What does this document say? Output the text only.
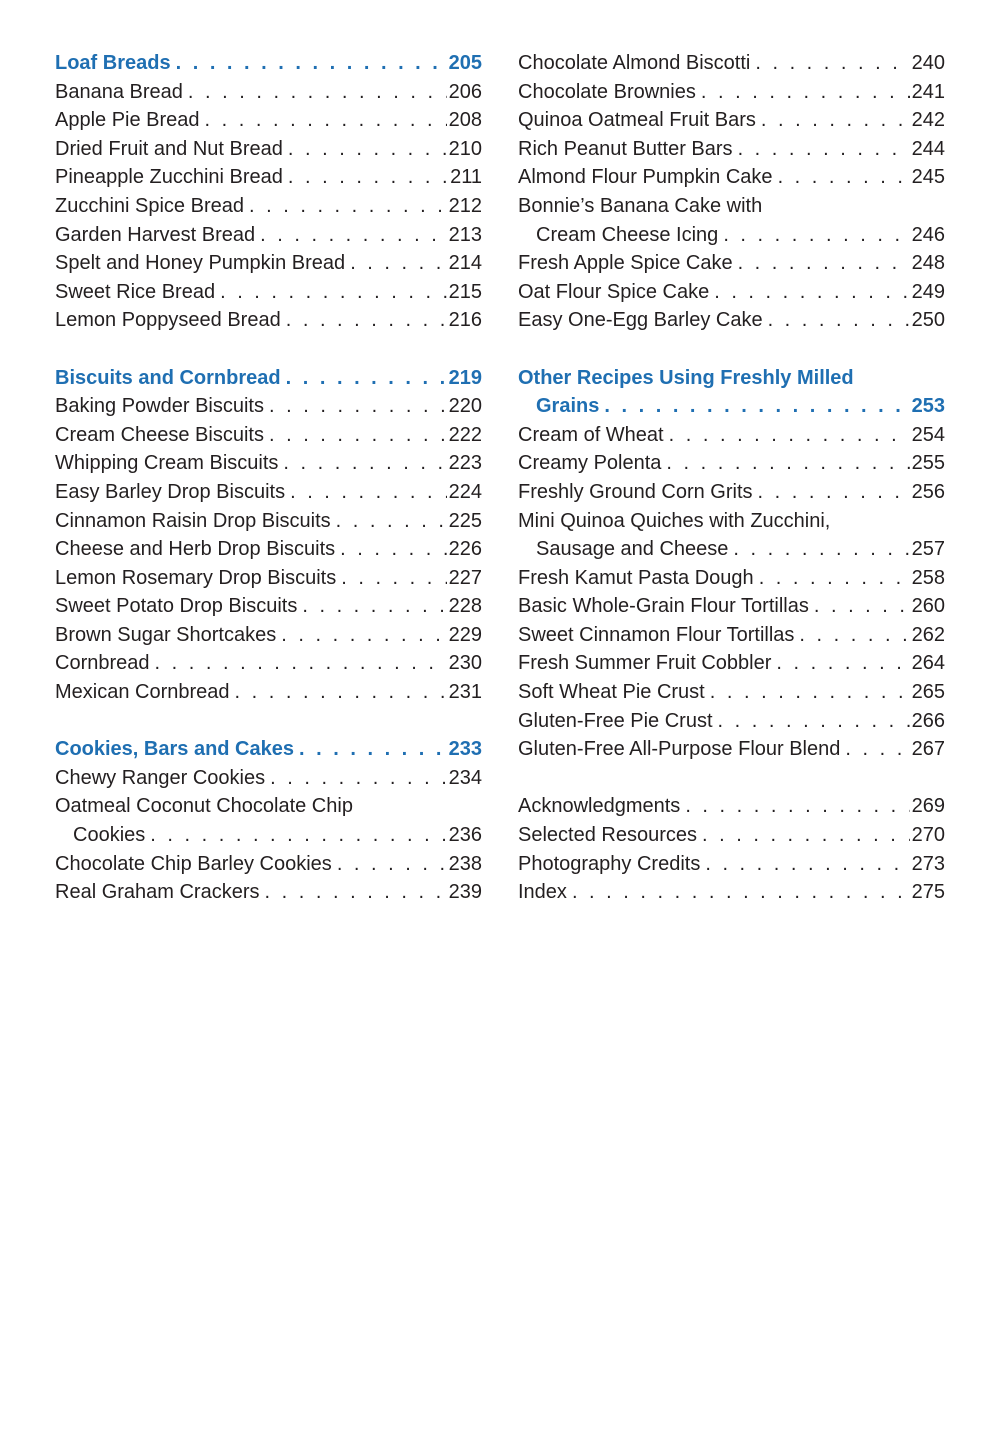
Loaf Breads . . .	205
Banana Bread . . .	206
Apple Pie Bread . . .	208
Dried Fruit and Nut Bread . . .	210
Pineapple Zucchini Bread . . .	211
Zucchini Spice Bread . . .	212
Garden Harvest Bread . . .	213
Spelt and Honey Pumpkin Bread . . .	214
Sweet Rice Bread . . .	215
Lemon Poppyseed Bread . . .	216
Biscuits and Cornbread . . .	219
Baking Powder Biscuits . . .	220
Cream Cheese Biscuits . . .	222
Whipping Cream Biscuits . . .	223
Easy Barley Drop Biscuits . . .	224
Cinnamon Raisin Drop Biscuits . . .	225
Cheese and Herb Drop Biscuits . . .	226
Lemon Rosemary Drop Biscuits . . .	227
Sweet Potato Drop Biscuits . . .	228
Brown Sugar Shortcakes . . .	229
Cornbread . . .	230
Mexican Cornbread . . .	231
Cookies, Bars and Cakes . . .	233
Chewy Ranger Cookies . . .	234
Oatmeal Coconut Chocolate Chip
Cookies . . .	236
Chocolate Chip Barley Cookies . . .	238
Real Graham Crackers . . .	239
Chocolate Almond Biscotti . . .	240
Chocolate Brownies . . .	241
Quinoa Oatmeal Fruit Bars . . .	242
Rich Peanut Butter Bars . . .	244
Almond Flour Pumpkin Cake . . .	245
Bonnie’s Banana Cake with
Cream Cheese Icing . . .	246
Fresh Apple Spice Cake . . .	248
Oat Flour Spice Cake . . .	249
Easy One-Egg Barley Cake . . .	250
Other Recipes Using Freshly Milled
Grains . . .	253
Cream of Wheat . . .	254
Creamy Polenta . . .	255
Freshly Ground Corn Grits . . .	256
Mini Quinoa Quiches with Zucchini,
Sausage and Cheese . . .	257
Fresh Kamut Pasta Dough . . .	258
Basic Whole-Grain Flour Tortillas . . .	260
Sweet Cinnamon Flour Tortillas . . .	262
Fresh Summer Fruit Cobbler . . .	264
Soft Wheat Pie Crust . . .	265
Gluten-Free Pie Crust . . .	266
Gluten-Free All-Purpose Flour Blend . . .	267
Acknowledgments . . .	269
Selected Resources . . .	270
Photography Credits . . .	273
Index . . .	275
